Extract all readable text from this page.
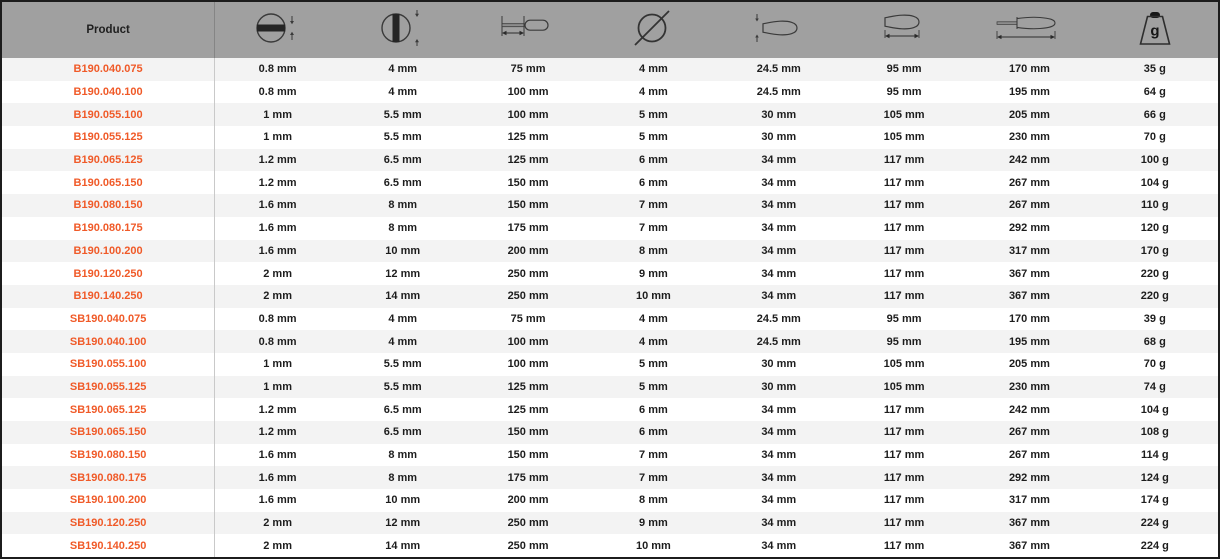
Product								g

B190.040.075	0.8 mm	4 mm	75 mm	4 mm	24.5 mm	95 mm	170 mm	35 g
B190.040.100	0.8 mm	4 mm	100 mm	4 mm	24.5 mm	95 mm	195 mm	64 g
B190.055.100	1 mm	5.5 mm	100 mm	5 mm	30 mm	105 mm	205 mm	66 g
B190.055.125	1 mm	5.5 mm	125 mm	5 mm	30 mm	105 mm	230 mm	70 g
B190.065.125	1.2 mm	6.5 mm	125 mm	6 mm	34 mm	117 mm	242 mm	100 g
B190.065.150	1.2 mm	6.5 mm	150 mm	6 mm	34 mm	117 mm	267 mm	104 g
B190.080.150	1.6 mm	8 mm	150 mm	7 mm	34 mm	117 mm	267 mm	110 g
B190.080.175	1.6 mm	8 mm	175 mm	7 mm	34 mm	117 mm	292 mm	120 g
B190.100.200	1.6 mm	10 mm	200 mm	8 mm	34 mm	117 mm	317 mm	170 g
B190.120.250	2 mm	12 mm	250 mm	9 mm	34 mm	117 mm	367 mm	220 g
B190.140.250	2 mm	14 mm	250 mm	10 mm	34 mm	117 mm	367 mm	220 g
SB190.040.075	0.8 mm	4 mm	75 mm	4 mm	24.5 mm	95 mm	170 mm	39 g
SB190.040.100	0.8 mm	4 mm	100 mm	4 mm	24.5 mm	95 mm	195 mm	68 g
SB190.055.100	1 mm	5.5 mm	100 mm	5 mm	30 mm	105 mm	205 mm	70 g
SB190.055.125	1 mm	5.5 mm	125 mm	5 mm	30 mm	105 mm	230 mm	74 g
SB190.065.125	1.2 mm	6.5 mm	125 mm	6 mm	34 mm	117 mm	242 mm	104 g
SB190.065.150	1.2 mm	6.5 mm	150 mm	6 mm	34 mm	117 mm	267 mm	108 g
SB190.080.150	1.6 mm	8 mm	150 mm	7 mm	34 mm	117 mm	267 mm	114 g
SB190.080.175	1.6 mm	8 mm	175 mm	7 mm	34 mm	117 mm	292 mm	124 g
SB190.100.200	1.6 mm	10 mm	200 mm	8 mm	34 mm	117 mm	317 mm	174 g
SB190.120.250	2 mm	12 mm	250 mm	9 mm	34 mm	117 mm	367 mm	224 g
SB190.140.250	2 mm	14 mm	250 mm	10 mm	34 mm	117 mm	367 mm	224 g
